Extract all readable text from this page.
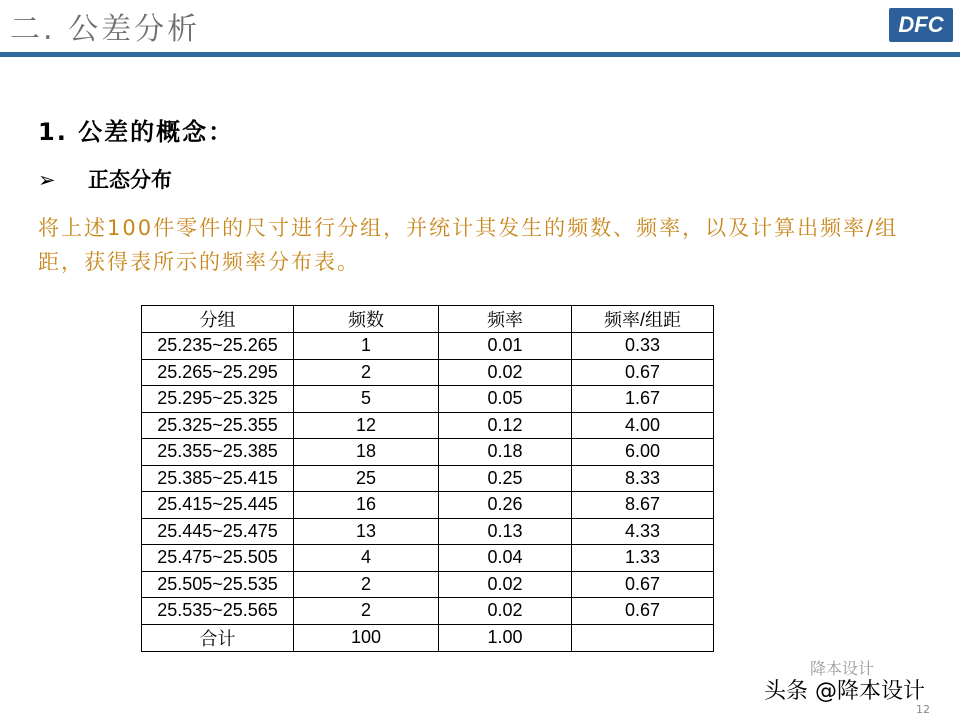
二. 公差分析	DFC
1. 公差的概念：
➢ 正态分布
将上述100件零件的尺寸进行分组，并统计其发生的频数、频率，以及计算出频率/组距，获得表所示的频率分布表。
分组	频数	频率	频率/组距
25.235~25.265	1	0.01	0.33
25.265~25.295	2	0.02	0.67
25.295~25.325	5	0.05	1.67
25.325~25.355	12	0.12	4.00
25.355~25.385	18	0.18	6.00
25.385~25.415	25	0.25	8.33
25.415~25.445	16	0.26	8.67
25.445~25.475	13	0.13	4.33
25.475~25.505	4	0.04	1.33
25.505~25.535	2	0.02	0.67
25.535~25.565	2	0.02	0.67
合计	100	1.00	
降本设计
头条 @降本设计
12
